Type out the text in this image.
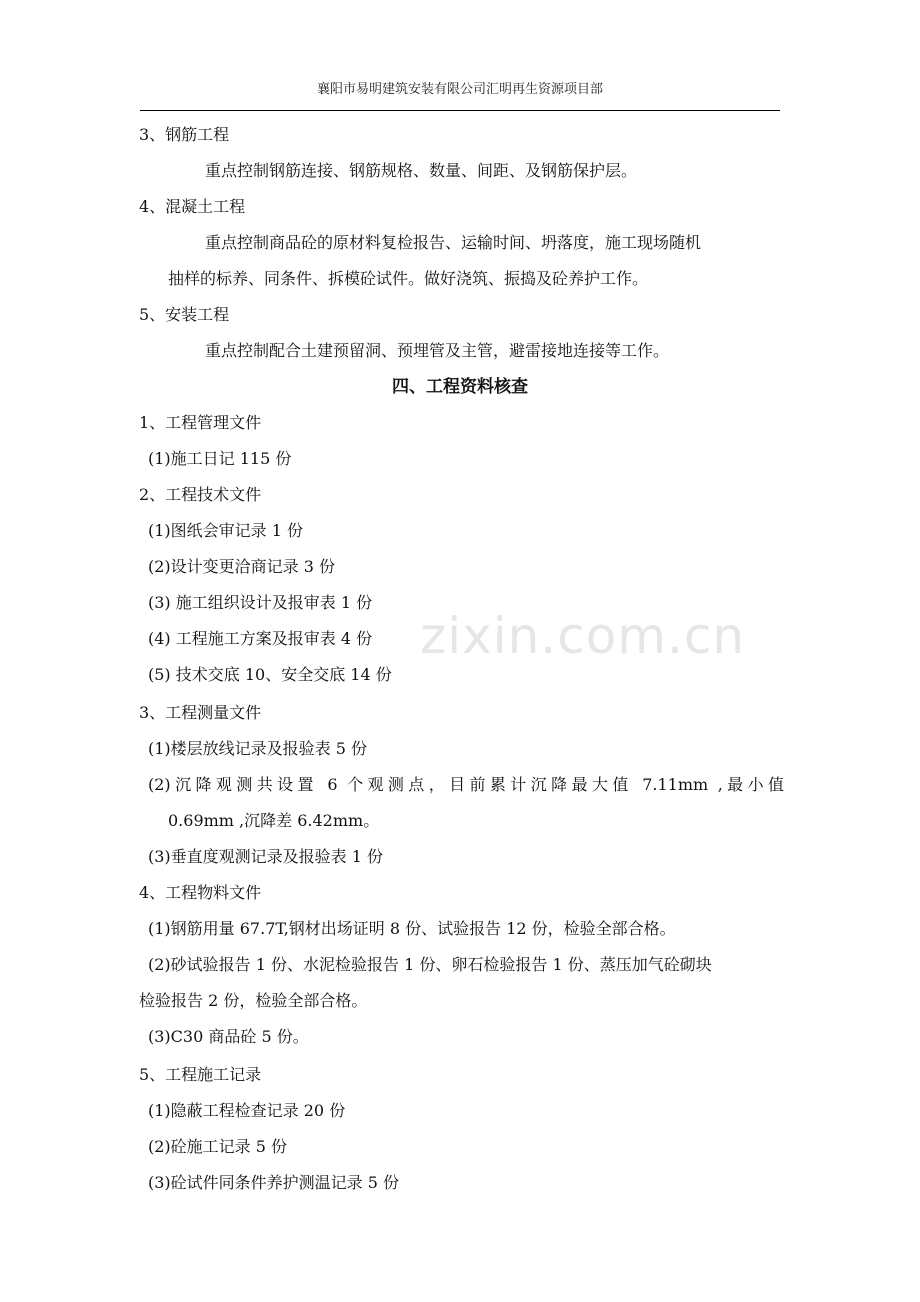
襄阳市易明建筑安装有限公司汇明再生资源项目部
zixin.com.cn
3、钢筋工程
重点控制钢筋连接、钢筋规格、数量、间距、及钢筋保护层。
4、混凝土工程
重点控制商品砼的原材料复检报告、运输时间、坍落度，施工现场随机
抽样的标养、同条件、拆模砼试件。做好浇筑、振捣及砼养护工作。
5、安装工程
重点控制配合土建预留洞、预埋管及主管，避雷接地连接等工作。
四、工程资料核查
1、工程管理文件
(1)施工日记 115 份
2、工程技术文件
(1)图纸会审记录 1 份
(2)设计变更洽商记录 3 份
(3) 施工组织设计及报审表 1 份
(4) 工程施工方案及报审表 4 份
(5) 技术交底 10、安全交底 14 份
3、工程测量文件
(1)楼层放线记录及报验表 5 份
(2)沉降观测共设置 6 个观测点，目前累计沉降最大值 7.11mm ,最小值
0.69mm ,沉降差 6.42mm。
(3)垂直度观测记录及报验表 1 份
4、工程物料文件
(1)钢筋用量 67.7T,钢材出场证明 8 份、试验报告 12 份，检验全部合格。
(2)砂试验报告 1 份、水泥检验报告 1 份、卵石检验报告 1 份、蒸压加气砼砌块
检验报告 2 份，检验全部合格。
(3)C30 商品砼 5 份。
5、工程施工记录
(1)隐蔽工程检查记录 20 份
(2)砼施工记录 5 份
(3)砼试件同条件养护测温记录 5 份
